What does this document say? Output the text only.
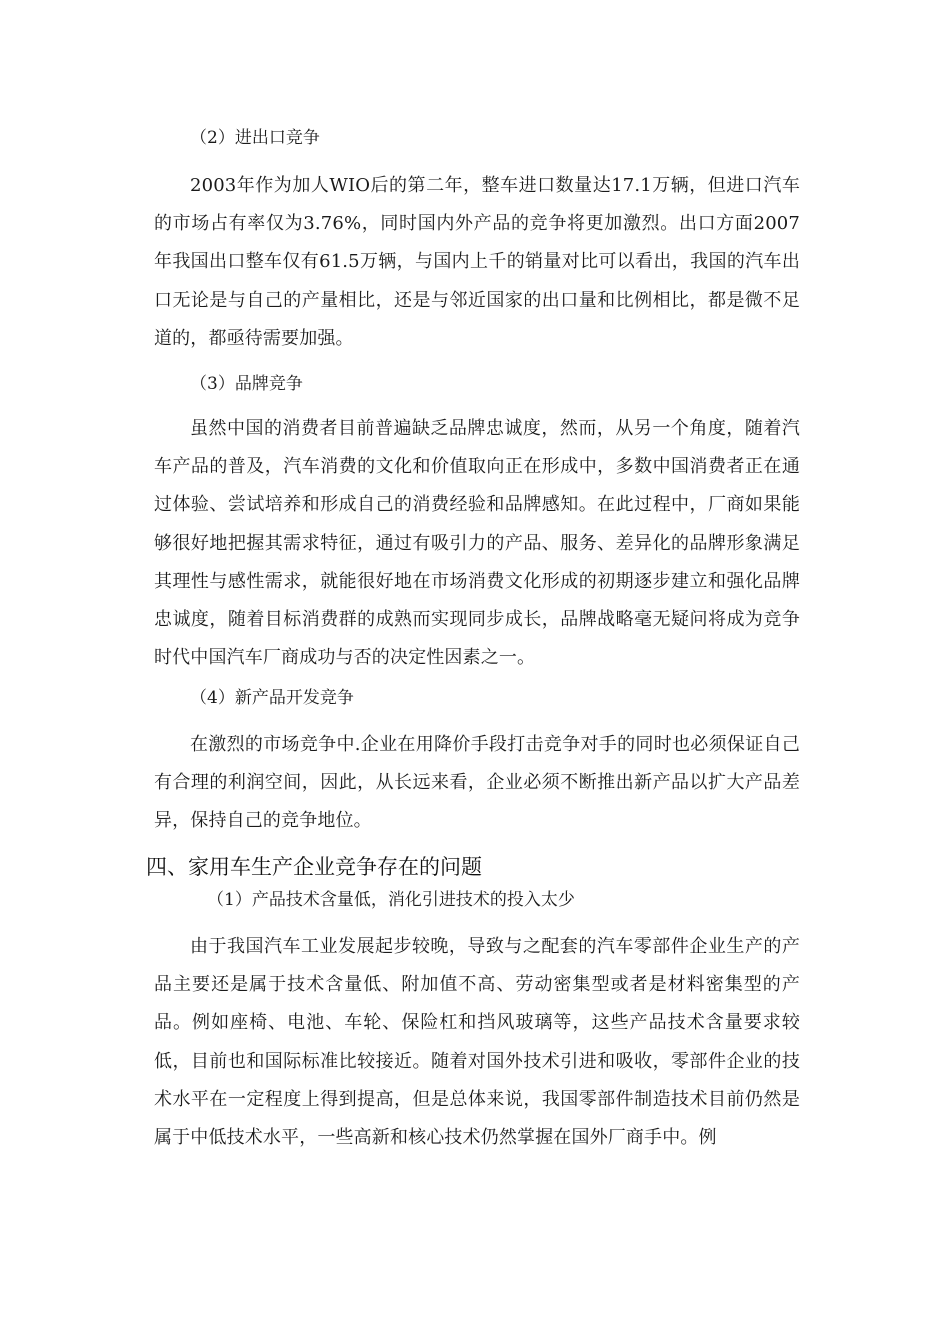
（2）进出口竞争
2003年作为加人WIO后的第二年，整车进口数量达17.1万辆，但进口汽车的市场占有率仅为3.76%，同时国内外产品的竞争将更加激烈。出口方面2007年我国出口整车仅有61.5万辆，与国内上千的销量对比可以看出，我国的汽车出口无论是与自己的产量相比，还是与邻近国家的出口量和比例相比，都是微不足道的，都亟待需要加强。
（3）品牌竞争
虽然中国的消费者目前普遍缺乏品牌忠诚度，然而，从另一个角度，随着汽车产品的普及，汽车消费的文化和价值取向正在形成中，多数中国消费者正在通过体验、尝试培养和形成自己的消费经验和品牌感知。在此过程中，厂商如果能够很好地把握其需求特征，通过有吸引力的产品、服务、差异化的品牌形象满足其理性与感性需求，就能很好地在市场消费文化形成的初期逐步建立和强化品牌忠诚度，随着目标消费群的成熟而实现同步成长，品牌战略毫无疑问将成为竞争时代中国汽车厂商成功与否的决定性因素之一。
（4）新产品开发竞争
在激烈的市场竞争中.企业在用降价手段打击竞争对手的同时也必须保证自己有合理的利润空间，因此，从长远来看，企业必须不断推出新产品以扩大产品差异，保持自己的竞争地位。
四、家用车生产企业竞争存在的问题
（1）产品技术含量低，消化引进技术的投入太少
由于我国汽车工业发展起步较晚，导致与之配套的汽车零部件企业生产的产品主要还是属于技术含量低、附加值不高、劳动密集型或者是材料密集型的产品。例如座椅、电池、车轮、保险杠和挡风玻璃等，这些产品技术含量要求较低，目前也和国际标准比较接近。随着对国外技术引进和吸收，零部件企业的技术水平在一定程度上得到提高，但是总体来说，我国零部件制造技术目前仍然是属于中低技术水平，一些高新和核心技术仍然掌握在国外厂商手中。例
